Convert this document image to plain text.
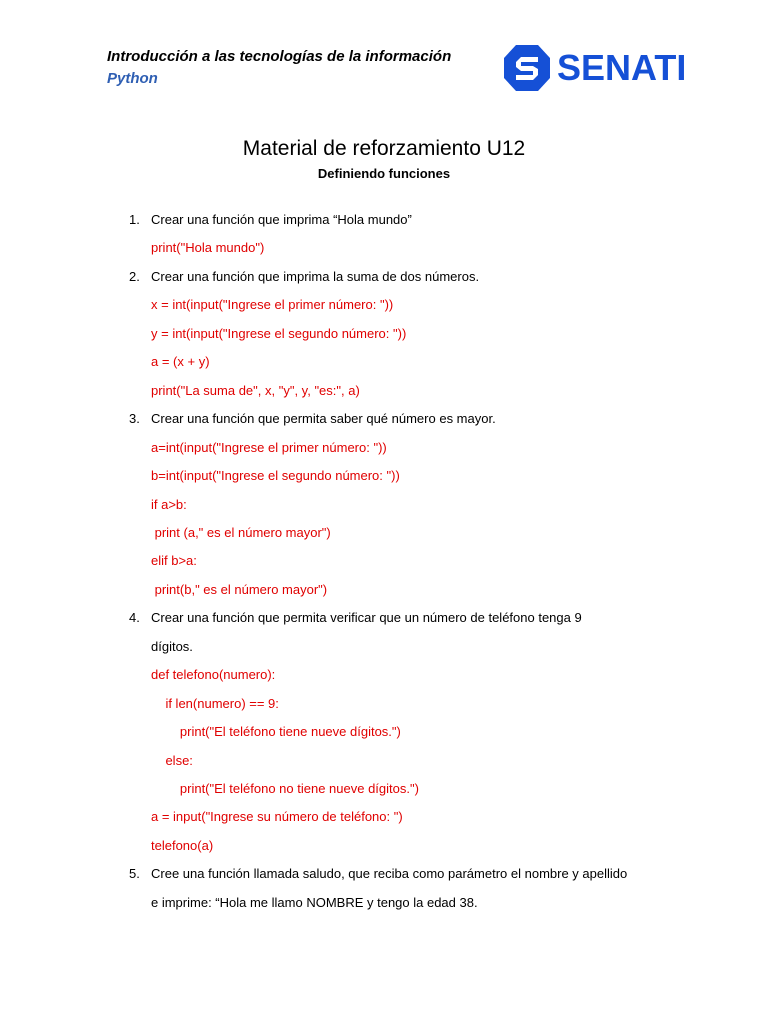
Introducción a las tecnologías de la información

Python	SENATI
Material de reforzamiento U12
Definiendo funciones
1. Crear una función que imprima “Hola mundo”
print("Hola mundo")
2. Crear una función que imprima la suma de dos números.
x = int(input("Ingrese el primer número: "))
y = int(input("Ingrese el segundo número: "))
a = (x + y)
print("La suma de", x, "y", y, "es:", a)
3. Crear una función que permita saber qué número es mayor.
a=int(input("Ingrese el primer número: "))
b=int(input("Ingrese el segundo número: "))
if a>b:
print (a," es el número mayor")
elif b>a:
print(b," es el número mayor")
4. Crear una función que permita verificar que un número de teléfono tenga 9
dígitos.
def telefono(numero):
if len(numero) == 9:
print("El teléfono tiene nueve dígitos.")
else:
print("El teléfono no tiene nueve dígitos.")
a = input("Ingrese su número de teléfono: ")
telefono(a)
5. Cree una función llamada saludo, que reciba como parámetro el nombre y apellido
e imprime: “Hola me llamo NOMBRE y tengo la edad 38.
